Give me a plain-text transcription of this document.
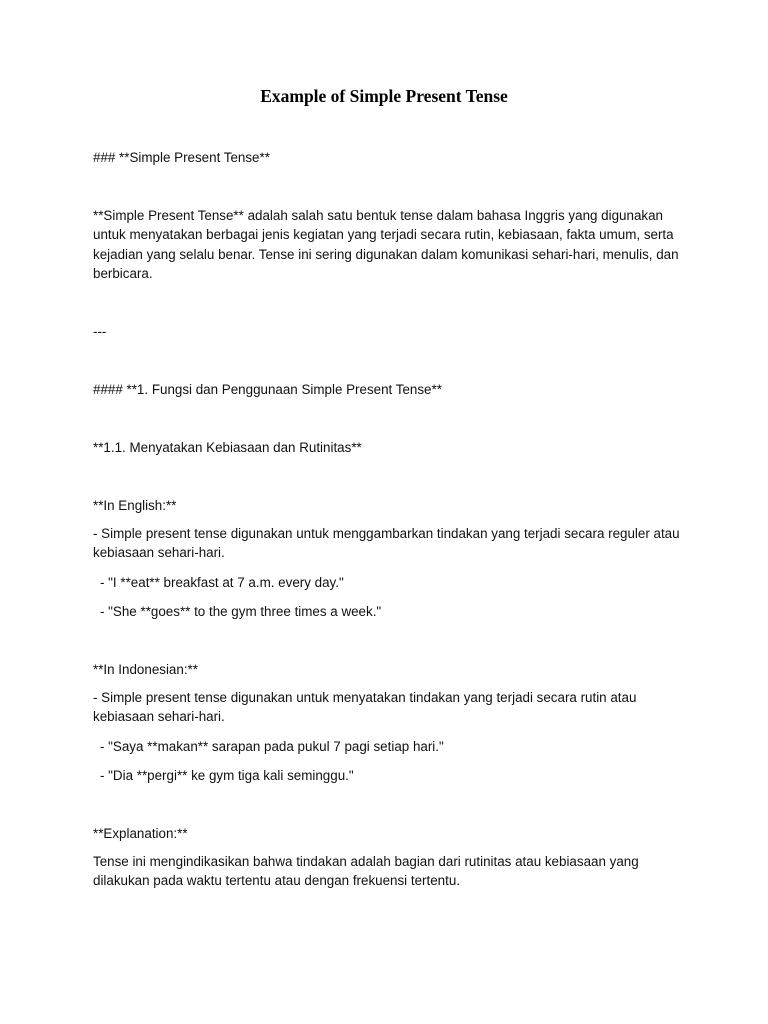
Example of Simple Present Tense

### **Simple Present Tense**

**Simple Present Tense** adalah salah satu bentuk tense dalam bahasa Inggris yang digunakan untuk menyatakan berbagai jenis kegiatan yang terjadi secara rutin, kebiasaan, fakta umum, serta kejadian yang selalu benar. Tense ini sering digunakan dalam komunikasi sehari-hari, menulis, dan berbicara.

---

#### **1. Fungsi dan Penggunaan Simple Present Tense**

**1.1. Menyatakan Kebiasaan dan Rutinitas**

**In English:**

- Simple present tense digunakan untuk menggambarkan tindakan yang terjadi secara reguler atau kebiasaan sehari-hari.

- "I **eat** breakfast at 7 a.m. every day."

- "She **goes** to the gym three times a week."

**In Indonesian:**

- Simple present tense digunakan untuk menyatakan tindakan yang terjadi secara rutin atau kebiasaan sehari-hari.

- "Saya **makan** sarapan pada pukul 7 pagi setiap hari."

- "Dia **pergi** ke gym tiga kali seminggu."

**Explanation:**

Tense ini mengindikasikan bahwa tindakan adalah bagian dari rutinitas atau kebiasaan yang dilakukan pada waktu tertentu atau dengan frekuensi tertentu.
